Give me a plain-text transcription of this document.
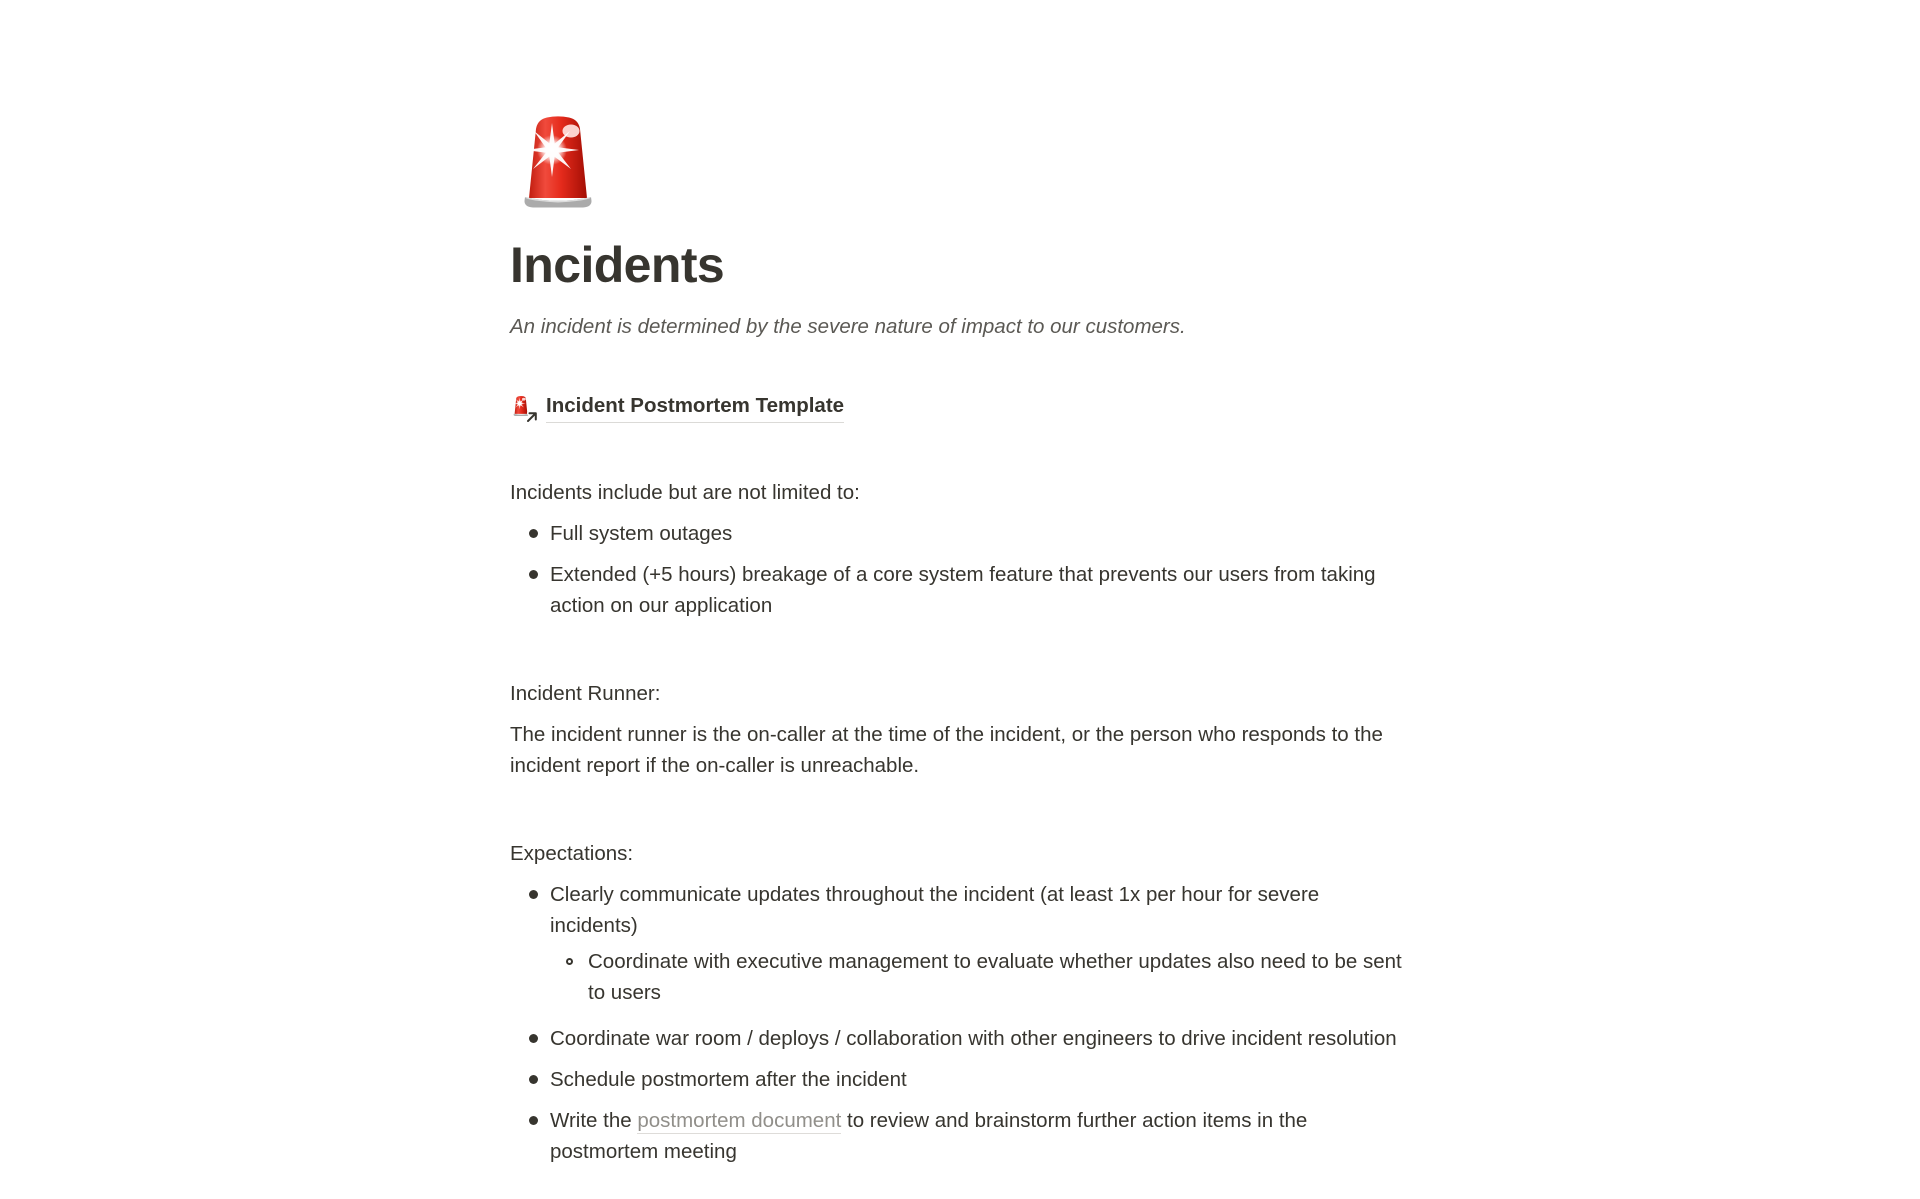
Incidents

An incident is determined by the severe nature of impact to our customers.

Incident Postmortem Template

Incidents include but are not limited to:

Full system outages
Extended (+5 hours) breakage of a core system feature that prevents our users from taking action on our application

Incident Runner:

The incident runner is the on-caller at the time of the incident, or the person who responds to the incident report if the on-caller is unreachable.

Expectations:

Clearly communicate updates throughout the incident (at least 1x per hour for severe incidents)
Coordinate with executive management to evaluate whether updates also need to be sent to users
Coordinate war room / deploys / collaboration with other engineers to drive incident resolution
Schedule postmortem after the incident
Write the postmortem document to review and brainstorm further action items in the postmortem meeting
